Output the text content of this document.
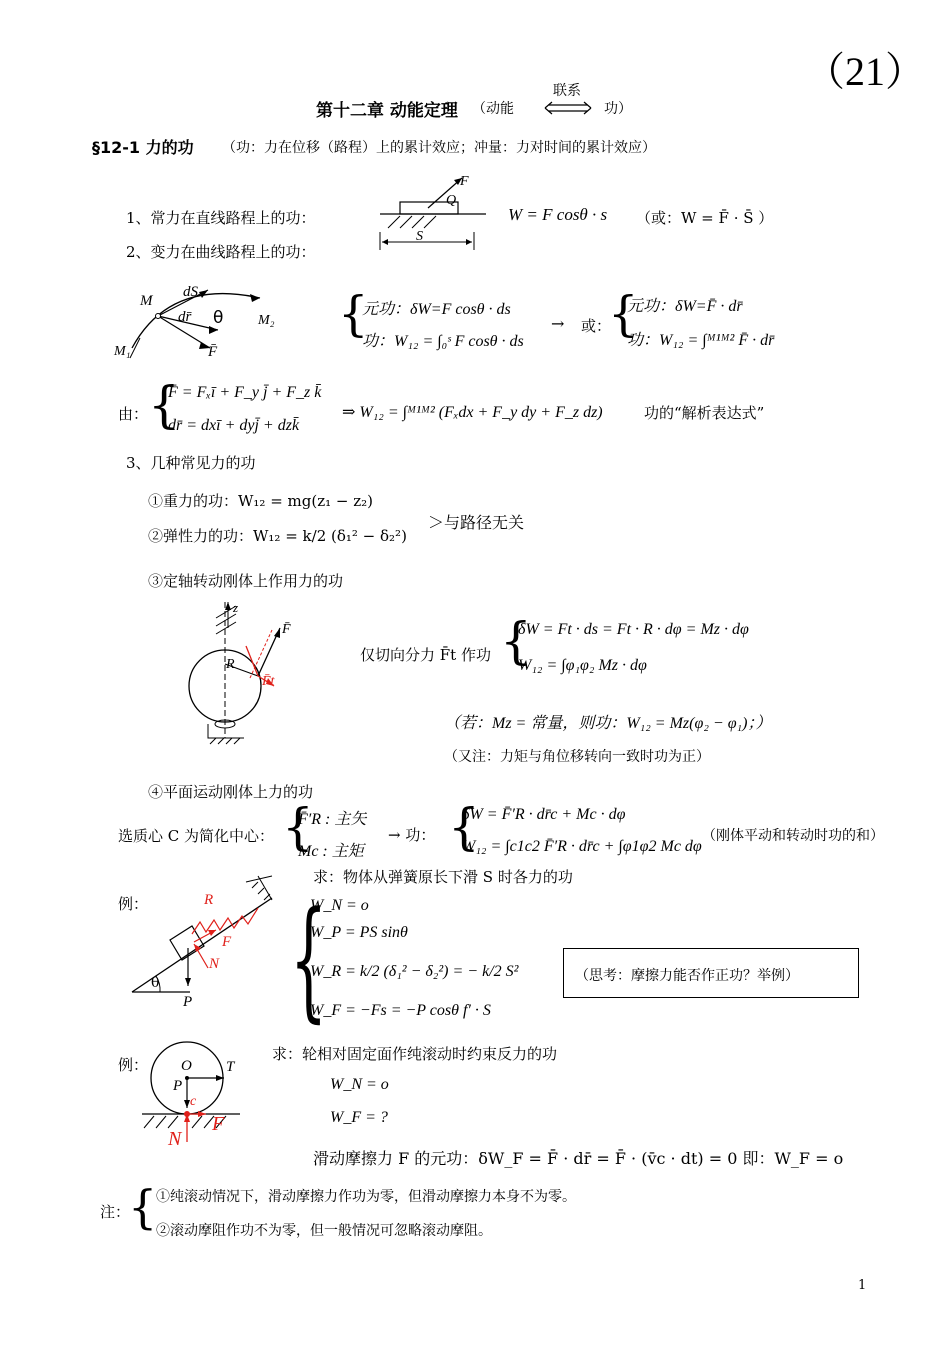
（21）
第十二章 动能定理 （动能
联系
功）
§12-1 力的功 （功：力在位移（路程）上的累计效应；冲量：力对时间的累计效应）
1、常力在直线路程上的功：
F
Q
S
W = F cosθ · s （或：W = F̄ · S̄ ）
2、变力在曲线路程上的功：
M
dS
dr̄ θ M₂
M₁	F̄
{
元功：δW=F cosθ · ds
功：W₁₂ = ∫₀ˢ F cosθ · ds
→ 或：
{
元功：δW=F̄ · dr̄
功：W₁₂ = ∫ᴹ¹ᴹ² F̄ · dr̄
由： {
F̄ = Fₓī + F_y j̄ + F_z k̄
dr̄ = dxī + dyj̄ + dzk̄
⇒ W₁₂ = ∫ᴹ¹ᴹ² (Fₓdx + F_y dy + F_z dz)	功的“解析表达式”
3、几种常见力的功
①重力的功：W₁₂ = mg(z₁ − z₂)
②弹性力的功：W₁₂ = k/2 (δ₁² − δ₂²)
＞与路径无关
③定轴转动刚体上作用力的功
z
F̄
R
F̄t
仅切向分力 F̄t 作功 {
δW = Ft · ds = Ft · R · dφ = Mz · dφ
W₁₂ = ∫φ₁φ₂ Mz · dφ
（若：Mz = 常量，则功：W₁₂ = Mz(φ₂ − φ₁)；）
（又注：力矩与角位移转向一致时功为正）
④平面运动刚体上力的功
选质心 C 为简化中心： {
F̄′R : 主矢
Mc : 主矩
→ 功： {
δW = F̄′R · dr̄c + Mc · dφ
W₁₂ = ∫c1c2 F̄′R · dr̄c + ∫φ1φ2 Mc dφ
（刚体平动和转动时功的和）
例：
求：物体从弹簧原长下滑 S 时各力的功
R
F
N
θ
P {
W_N = o
W_P = PS sinθ
W_R = k/2 (δ₁² − δ₂²) = − k/2 S²
W_F = −Fs = −P cosθ f′ · S
（思考：摩擦力能否作正功？举例）
例：
求：轮相对固定面作纯滚动时约束反力的功
O T
P
c
N
F
W_N = o
W_F = ?
滑动摩擦力 F 的元功：δW_F = F̄ · dr̄ = F̄ · (v̄c · dt) = 0 即：W_F = o
注：
{
①纯滚动情况下，滑动摩擦力作功为零，但滑动摩擦力本身不为零。
②滚动摩阻作功不为零，但一般情况可忽略滚动摩阻。
1
